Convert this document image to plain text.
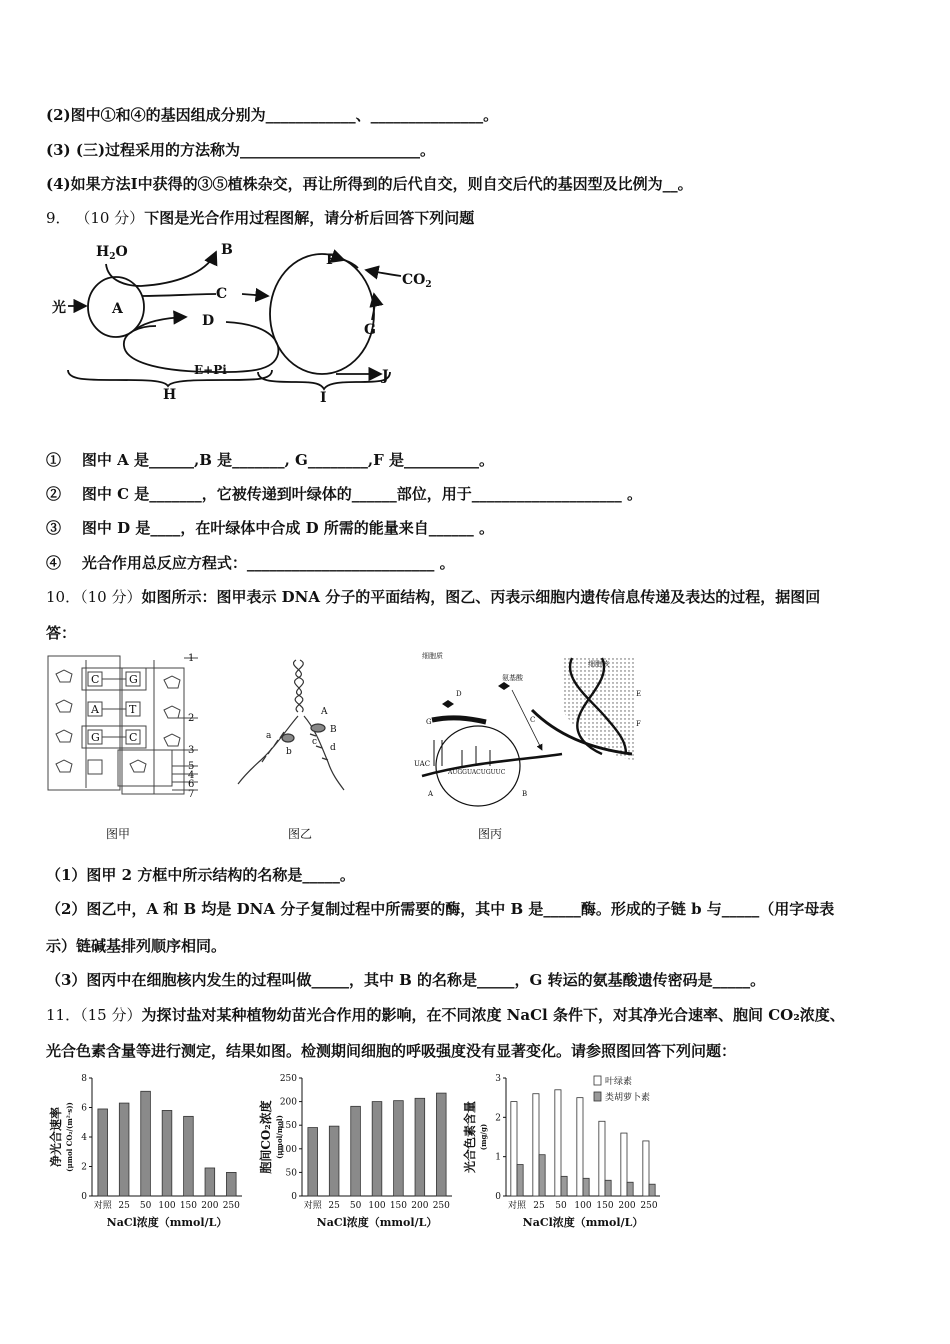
(2)图中①和④的基因组成分别为____________、_______________。
(3) (三)过程采用的方法称为________________________。
(4)如果方法Ⅰ中获得的③⑤植株杂交，再让所得到的后代自交，则自交后代的基因型及比例为__。
9． （10 分）下图是光合作用过程图解，请分析后回答下列问题
$H_2O$	B
光	A
C
D
E+Pi
H
F
$CO_2$
G
J
I
① 图中 A 是______,B 是_______, G________,F 是__________。
② 图中 C 是_______，它被传递到叶绿体的______部位，用于____________________ 。
③ 图中 D 是____，在叶绿体中合成 D 所需的能量来自______ 。
④ 光合作用总反应方程式：_________________________ 。
10．（10 分）如图所示：图甲表示 DNA 分子的平面结构，图乙、丙表示细胞内遗传信息传递及表达的过程，据图回
答：
C
A
G
G
T
C
1
2
3
5
4
6
7
图甲
A
B
a
b
c
d
图乙
细胞质
氨基酸
细胞核
D
G	C
E
F
A	B
UAC
AUGGUACUGUUC
图丙
（1）图甲 2 方框中所示结构的名称是_____。
（2）图乙中，A 和 B 均是 DNA 分子复制过程中所需要的酶，其中 B 是_____酶。形成的子链 b 与_____（用字母表
示）链碱基排列顺序相同。
（3）图丙中在细胞核内发生的过程叫做_____，其中 B 的名称是_____，G 转运的氨基酸遗传密码是_____。
11．（15 分）为探讨盐对某种植物幼苗光合作用的影响，在不同浓度 NaCl 条件下，对其净光合速率、胞间 CO₂浓度、
光合色素含量等进行测定，结果如图。检测期间细胞的呼吸强度没有显著变化。请参照图回答下列问题：
0
2
4
6
8
净光合速率 (μmol CO₂/(m²·s))
对照 25 50 100 150 200 250
NaCl浓度（mmol/L）
0
50
100
150
200
250
胞间CO₂浓度 (μmol/mol)
对照 25 50 100 150 200 250
NaCl浓度（mmol/L）
0
1
2
3
光合色素含量 (mg/g)
对照 25 50 100 150 200 250
NaCl浓度（mmol/L）
叶绿素
类胡萝卜素
